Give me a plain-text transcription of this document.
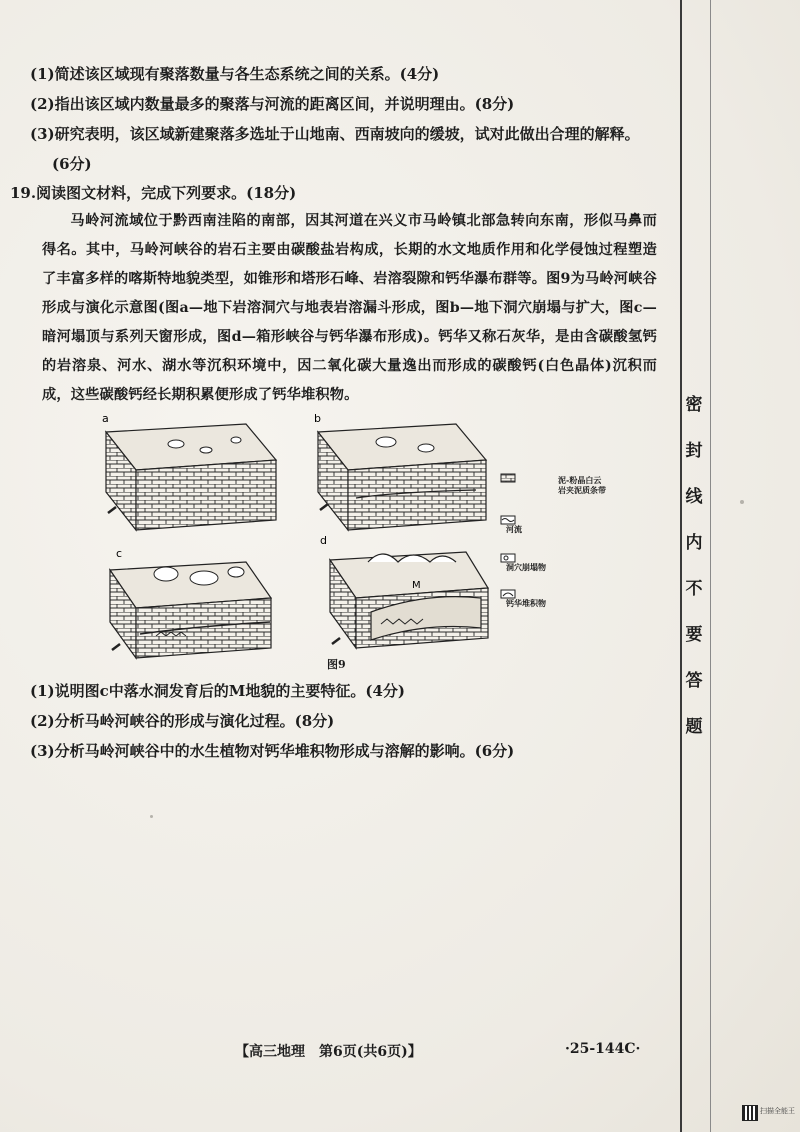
(1)简述该区域现有聚落数量与各生态系统之间的关系。(4分)
(2)指出该区域内数量最多的聚落与河流的距离区间，并说明理由。(8分)
(3)研究表明，该区域新建聚落多选址于山地南、西南坡向的缓坡，试对此做出合理的解释。
(6分)
19.阅读图文材料，完成下列要求。(18分)

马岭河流域位于黔西南洼陷的南部，因其河道在兴义市马岭镇北部急转向东南，形似马鼻而得名。其中，马岭河峡谷的岩石主要由碳酸盐岩构成，长期的水文地质作用和化学侵蚀过程塑造了丰富多样的喀斯特地貌类型，如锥形和塔形石峰、岩溶裂隙和钙华瀑布群等。图9为马岭河峡谷形成与演化示意图(图a—地下岩溶洞穴与地表岩溶漏斗形成，图b—地下洞穴崩塌与扩大，图c—暗河塌顶与系列天窗形成，图d—箱形峡谷与钙华瀑布形成)。钙华又称石灰华，是由含碳酸氢钙的岩溶泉、河水、湖水等沉积环境中，因二氧化碳大量逸出而形成的碳酸钙(白色晶体)沉积而成，这些碳酸钙经长期积累便形成了钙华堆积物。

a	b
c
d
M
泥-粉晶白云岩夹泥质条带
河流
洞穴崩塌物
钙华堆积物
图9
(1)说明图c中落水洞发育后的M地貌的主要特征。(4分)
(2)分析马岭河峡谷的形成与演化过程。(8分)
(3)分析马岭河峡谷中的水生植物对钙华堆积物形成与溶解的影响。(6分)
密
封
线
内
不
要
答
题
【高三地理　第6页(共6页)】	·25-144C·
扫描全能王
